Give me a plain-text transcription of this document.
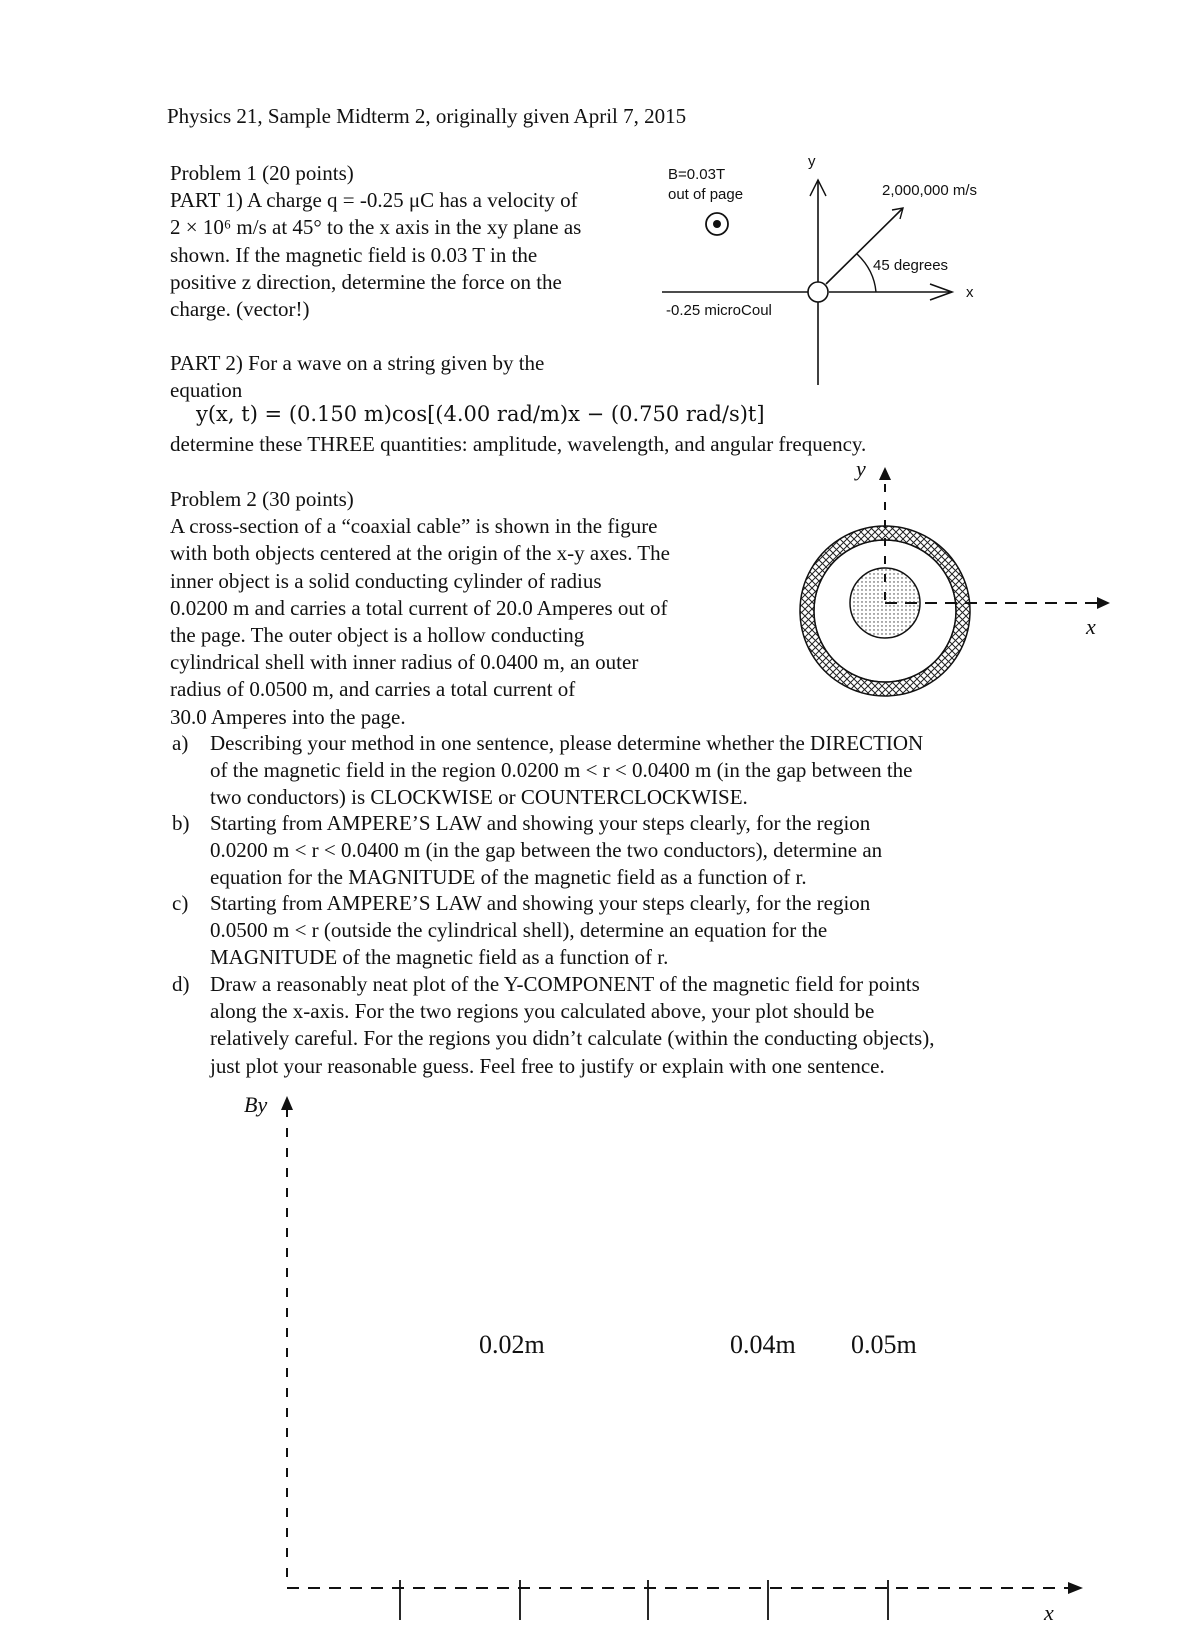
Physics 21, Sample Midterm 2, originally given April 7, 2015
Problem 1 (20 points)
PART 1) A charge q = -0.25 μC has a velocity of
2 × 10⁶ m/s at 45° to the x axis in the xy plane as
shown. If the magnetic field is 0.03 T in the
positive z direction, determine the force on the
charge. (vector!)
B=0.03T
out of page
y
x
2,000,000 m/s
45 degrees
-0.25 microCoul
PART 2) For a wave on a string given by the
equation
y(x, t) = (0.150 m)cos[(4.00 rad/m)x − (0.750 rad/s)t]
determine these THREE quantities: amplitude, wavelength, and angular frequency.
Problem 2 (30 points)
A cross-section of a “coaxial cable” is shown in the figure
with both objects centered at the origin of the x-y axes. The
inner object is a solid conducting cylinder of radius
0.0200 m and carries a total current of 20.0 Amperes out of
the page. The outer object is a hollow conducting
cylindrical shell with inner radius of 0.0400 m, an outer
radius of 0.0500 m, and carries a total current of
30.0 Amperes into the page.
y
x
a) Describing your method in one sentence, please determine whether the DIRECTION
of the magnetic field in the region 0.0200 m < r < 0.0400 m (in the gap between the
two conductors) is CLOCKWISE or COUNTERCLOCKWISE.
b) Starting from AMPERE’S LAW and showing your steps clearly, for the region
0.0200 m < r < 0.0400 m (in the gap between the two conductors), determine an
equation for the MAGNITUDE of the magnetic field as a function of r.
c) Starting from AMPERE’S LAW and showing your steps clearly, for the region
0.0500 m < r (outside the cylindrical shell), determine an equation for the
MAGNITUDE of the magnetic field as a function of r.
d) Draw a reasonably neat plot of the Y-COMPONENT of the magnetic field for points
along the x-axis. For the two regions you calculated above, your plot should be
relatively careful. For the regions you didn’t calculate (within the conducting objects),
just plot your reasonable guess. Feel free to justify or explain with one sentence.
By
x
0.02m	0.04m 0.05m
